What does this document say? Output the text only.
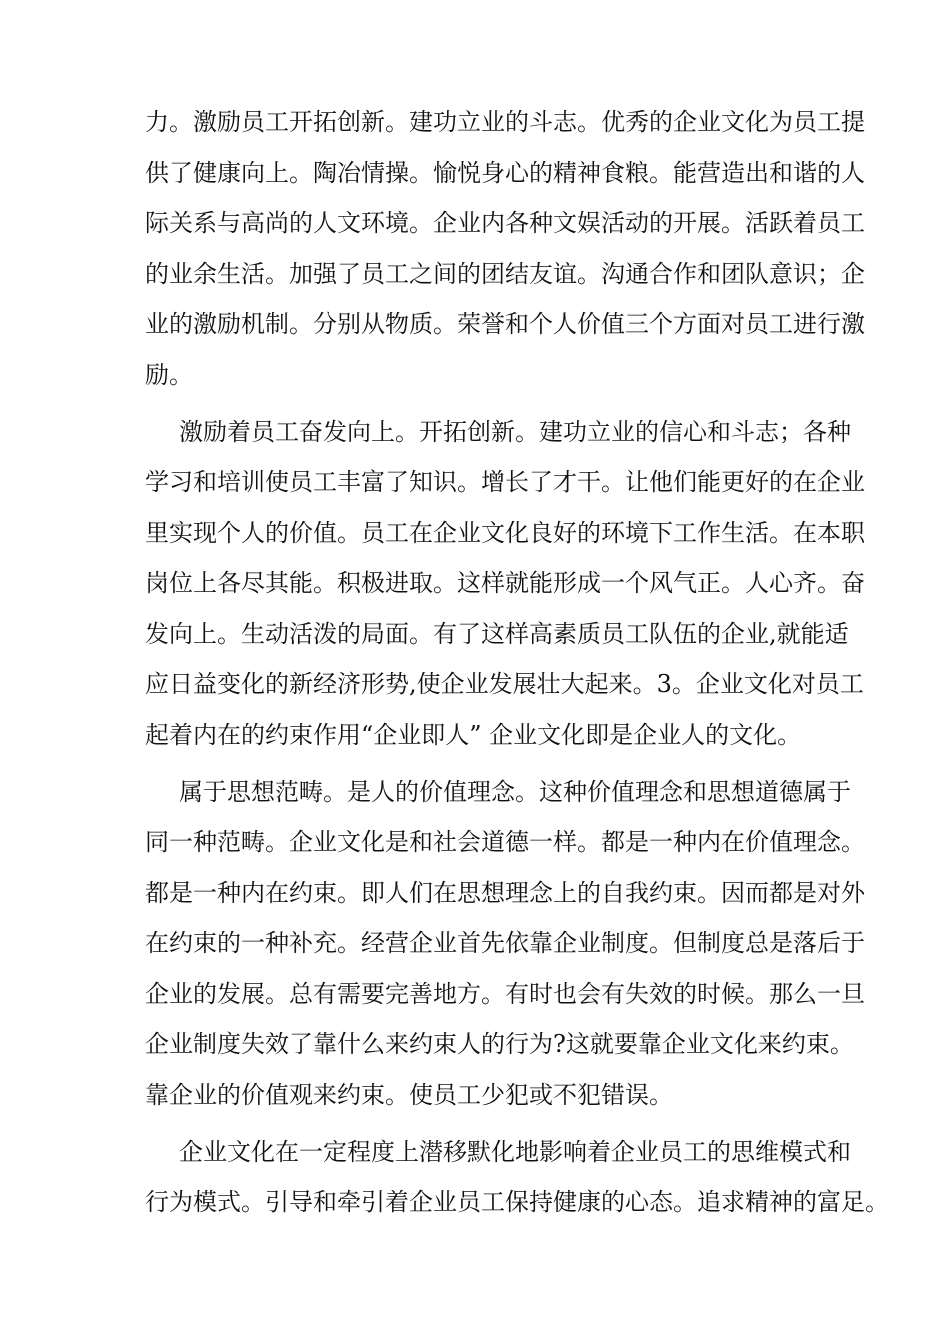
力。激励员工开拓创新。建功立业的斗志。优秀的企业文化为员工提
供了健康向上。陶冶情操。愉悦身心的精神食粮。能营造出和谐的人
际关系与高尚的人文环境。企业内各种文娱活动的开展。活跃着员工
的业余生活。加强了员工之间的团结友谊。沟通合作和团队意识；企
业的激励机制。分别从物质。荣誉和个人价值三个方面对员工进行激
励。
激励着员工奋发向上。开拓创新。建功立业的信心和斗志；各种
学习和培训使员工丰富了知识。增长了才干。让他们能更好的在企业
里实现个人的价值。员工在企业文化良好的环境下工作生活。在本职
岗位上各尽其能。积极进取。这样就能形成一个风气正。人心齐。奋
发向上。生动活泼的局面。有了这样高素质员工队伍的企业,就能适
应日益变化的新经济形势,使企业发展壮大起来。3。企业文化对员工
起着内在的约束作用“企业即人” 企业文化即是企业人的文化。
属于思想范畴。是人的价值理念。这种价值理念和思想道德属于
同一种范畴。企业文化是和社会道德一样。都是一种内在价值理念。
都是一种内在约束。即人们在思想理念上的自我约束。因而都是对外
在约束的一种补充。经营企业首先依靠企业制度。但制度总是落后于
企业的发展。总有需要完善地方。有时也会有失效的时候。那么一旦
企业制度失效了靠什么来约束人的行为?这就要靠企业文化来约束。
靠企业的价值观来约束。使员工少犯或不犯错误。
企业文化在一定程度上潜移默化地影响着企业员工的思维模式和
行为模式。引导和牵引着企业员工保持健康的心态。追求精神的富足。
